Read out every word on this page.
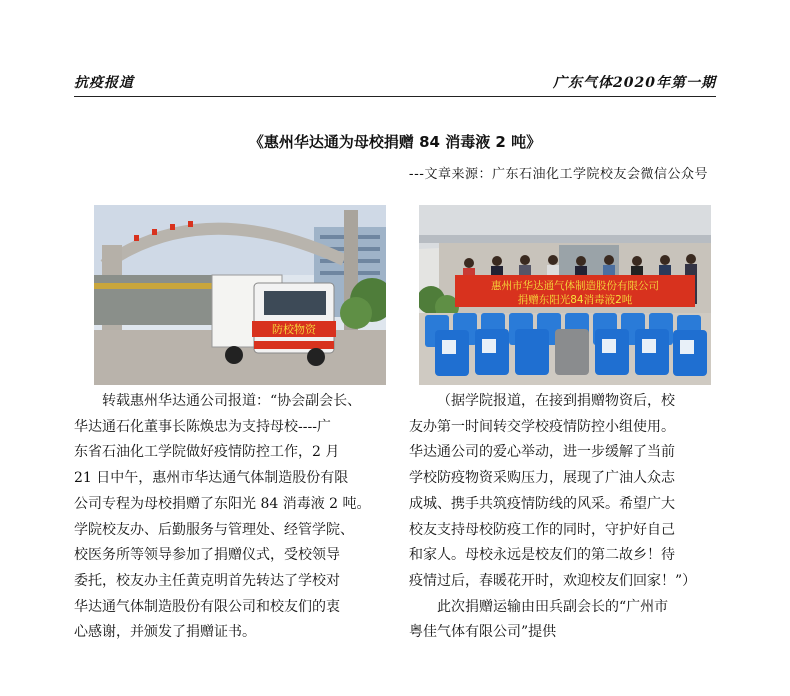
抗疫报道	广东气体2020年第一期
《惠州华达通为母校捐赠 84 消毒液 2 吨》
---文章来源：广东石油化工学院校友会微信公众号
防校物资
惠州市华达通气体制造股份有限公司
捐赠东阳光84消毒液2吨

转载惠州华达通公司报道：“协会副会长、

华达通石化董事长陈焕忠为支持母校----广

东省石油化工学院做好疫情防控工作，2 月

21 日中午，惠州市华达通气体制造股份有限

公司专程为母校捐赠了东阳光 84 消毒液 2 吨。

学院校友办、后勤服务与管理处、经管学院、

校医务所等领导参加了捐赠仪式，受校领导

委托，校友办主任黄克明首先转达了学校对

华达通气体制造股份有限公司和校友们的衷

心感谢，并颁发了捐赠证书。

（据学院报道，在接到捐赠物资后，校

友办第一时间转交学校疫情防控小组使用。

华达通公司的爱心举动，进一步缓解了当前

学校防疫物资采购压力，展现了广油人众志

成城、携手共筑疫情防线的风采。希望广大

校友支持母校防疫工作的同时，守护好自己

和家人。母校永远是校友们的第二故乡！待

疫情过后，春暖花开时，欢迎校友们回家！”）

此次捐赠运输由田兵副会长的“广州市

粤佳气体有限公司”提供
